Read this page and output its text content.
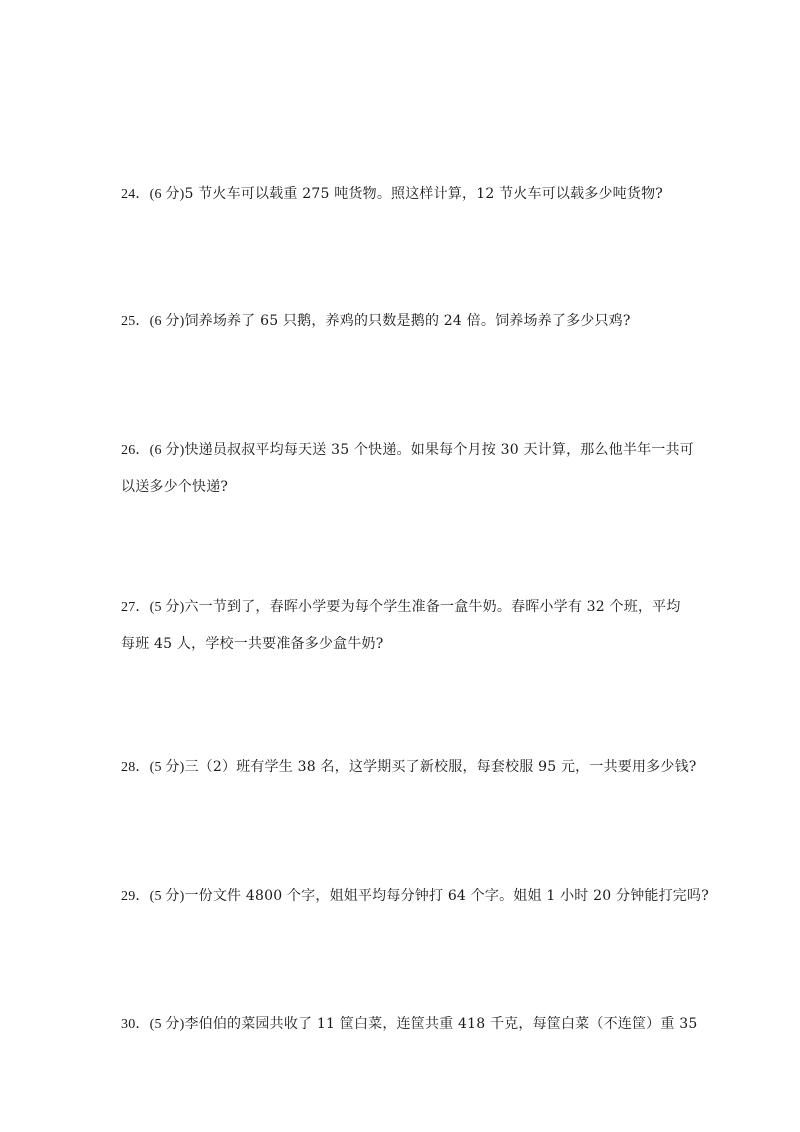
24．(6 分)5 节火车可以载重 275 吨货物。照这样计算，12 节火车可以载多少吨货物?
25．(6 分)饲养场养了 65 只鹅，养鸡的只数是鹅的 24 倍。饲养场养了多少只鸡?
26．(6 分)快递员叔叔平均每天送 35 个快递。如果每个月按 30 天计算，那么他半年一共可
以送多少个快递?
27．(5 分)六一节到了，春晖小学要为每个学生准备一盒牛奶。春晖小学有 32 个班，平均
每班 45 人，学校一共要准备多少盒牛奶?
28．(5 分)三（2）班有学生 38 名，这学期买了新校服，每套校服 95 元，一共要用多少钱?
29．(5 分)一份文件 4800 个字，姐姐平均每分钟打 64 个字。姐姐 1 小时 20 分钟能打完吗?
30．(5 分)李伯伯的菜园共收了 11 筐白菜，连筐共重 418 千克，每筐白菜（不连筐）重 35
